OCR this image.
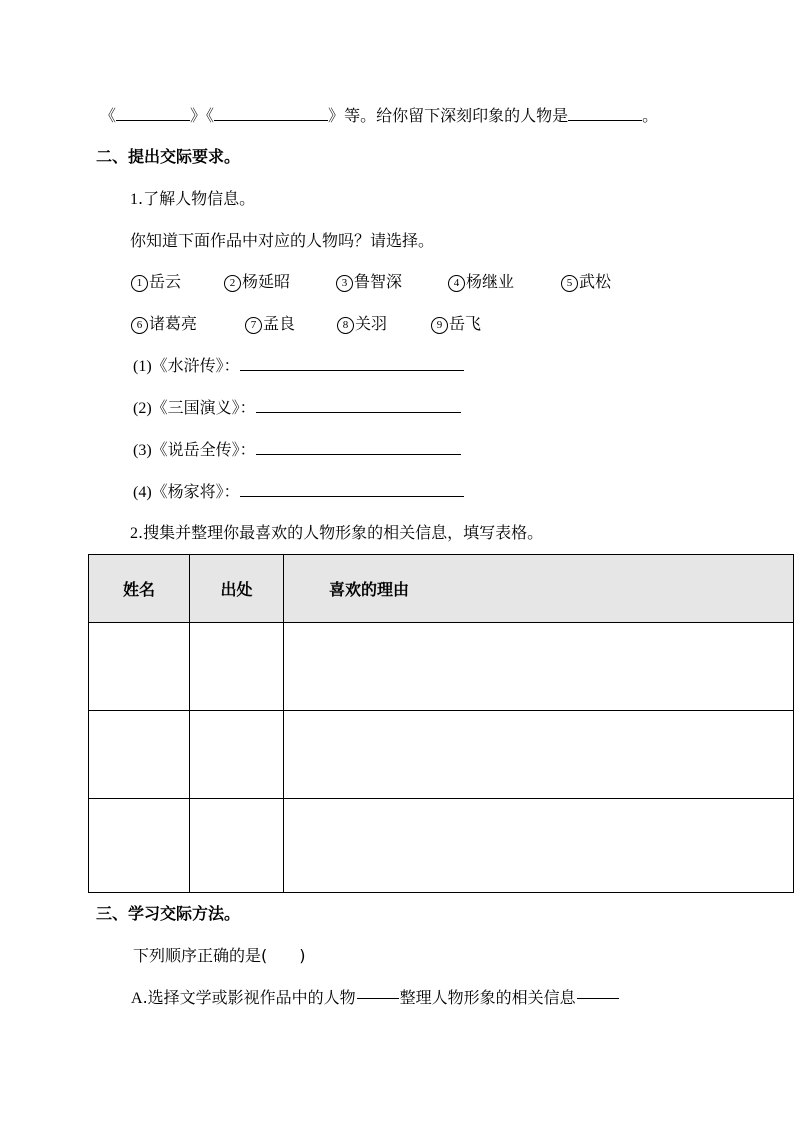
《	》《	》等。给你留下深刻印象的人物是	。
二、提出交际要求。
1.了解人物信息。
你知道下面作品中对应的人物吗？请选择。
1 岳云	2 杨延昭	3 鲁智深	4 杨继业	5 武松
6 诸葛亮	7 孟良	8 关羽	9 岳飞
(1)《水浒传》：
(2)《三国演义》：
(3)《说岳全传》：
(4)《杨家将》：
2.搜集并整理你最喜欢的人物形象的相关信息，填写表格。
姓名	出处	喜欢的理由

三、学习交际方法。
下列顺序正确的是(　　)
A.选择文学或影视作品中的人物	整理人物形象的相关信息
